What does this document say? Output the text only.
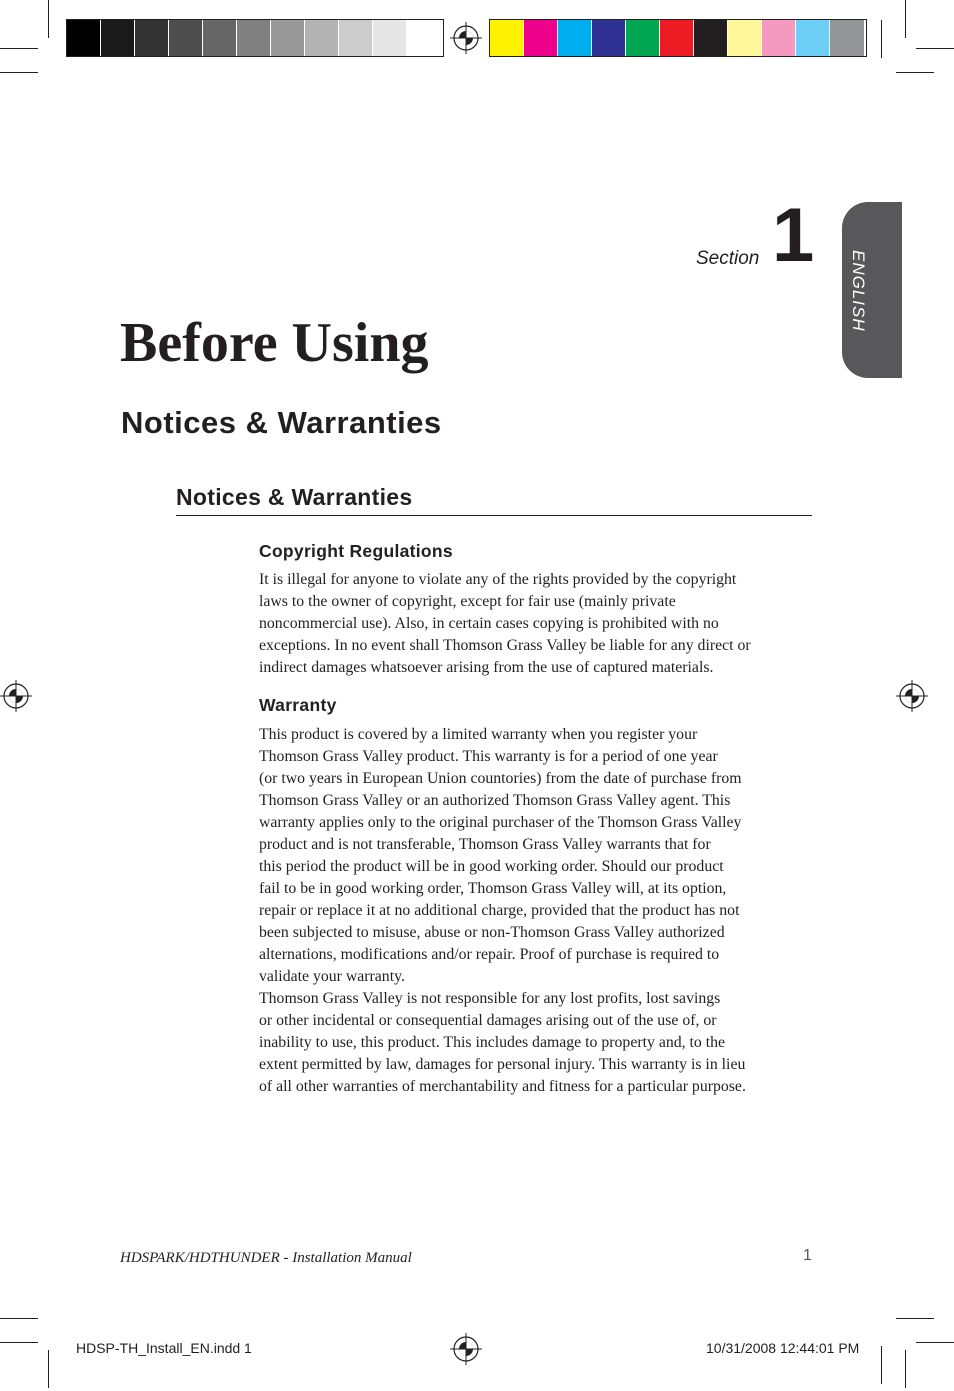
ENGLISH
Section 1
Before Using
Notices & Warranties
Notices & Warranties
Copyright Regulations
It is illegal for anyone to violate any of the rights provided by the copyright
laws to the owner of copyright, except for fair use (mainly private
noncommercial use). Also, in certain cases copying is prohibited with no
exceptions. In no event shall Thomson Grass Valley be liable for any direct or
indirect damages whatsoever arising from the use of captured materials.
Warranty
This product is covered by a limited warranty when you register your
Thomson Grass Valley product. This warranty is for a period of one year
(or two years in European Union countories) from the date of purchase from
Thomson Grass Valley or an authorized Thomson Grass Valley agent. This
warranty applies only to the original purchaser of the Thomson Grass Valley
product and is not transferable, Thomson Grass Valley warrants that for
this period the product will be in good working order. Should our product
fail to be in good working order, Thomson Grass Valley will, at its option,
repair or replace it at no additional charge, provided that the product has not
been subjected to misuse, abuse or non-Thomson Grass Valley authorized
alternations, modifications and/or repair. Proof of purchase is required to
validate your warranty.
Thomson Grass Valley is not responsible for any lost profits, lost savings
or other incidental or consequential damages arising out of the use of, or
inability to use, this product. This includes damage to property and, to the
extent permitted by law, damages for personal injury. This warranty is in lieu
of all other warranties of merchantability and fitness for a particular purpose.
HDSPARK/HDTHUNDER - Installation Manual	1
HDSP-TH_Install_EN.indd 1	10/31/2008 12:44:01 PM
